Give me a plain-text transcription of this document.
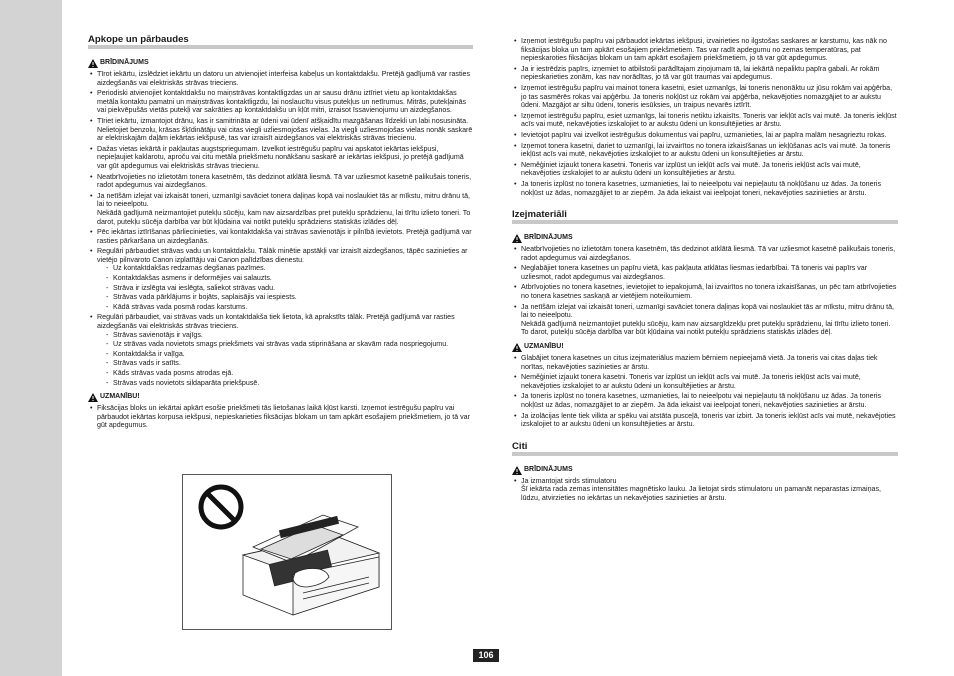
Apkope un pārbaudes
BRĪDINĀJUMS
• Tīrot iekārtu, izslēdziet iekārtu un datoru un atvienojiet interfeisa kabeļus un kontaktdakšu. Pretējā gadījumā var rasties aizdegšanās vai elektriskās strāvas trieciens.
• Periodiski atvienojiet kontaktdakšu no maiņstrāvas kontaktligzdas un ar sausu drānu iztīriet vietu ap kontaktdakšas metāla kontaktu pamatni un maiņstrāvas kontaktligzdu, lai noslaucītu visus putekļus un netīrumus. Mitrās, putekļainās vai piekvēpušās vietās putekļi var sakrāties ap kontaktdakšu un kļūt mitri, izraisot īssavienojumu un aizdegšanos.
• Tīriet iekārtu, izmantojot drānu, kas ir samitrināta ar ūdeni vai ūdenī atšķaidītu mazgāšanas līdzekli un labi nosusināta. Nelietojiet benzolu, krāsas šķīdinātāju vai citas viegli uzliesmojošas vielas. Ja viegli uzliesmojošas vielas nonāk saskarē ar elektriskajām daļām iekārtas iekšpusē, tas var izraisīt aizdegšanos vai elektriskās strāvas triecienu.
• Dažas vietas iekārtā ir pakļautas augstspriegumam. Izvelkot iestrēgušu papīru vai apskatot iekārtas iekšpusi, nepieļaujiet kaklarotu, aproču vai citu metāla priekšmetu nonākšanu saskarē ar iekārtas iekšpusi, jo pretējā gadījumā var gūt apdegumus vai elektriskās strāvas triecienu.
• Neatbrīvojieties no izlietotām tonera kasetnēm, tās dedzinot atklātā liesmā. Tā var uzliesmot kasetnē palikušais toneris, radot apdegumus vai aizdegšanos.
• Ja netīšām izlejat vai izkaisāt toneri, uzmanīgi savāciet tonera daļiņas kopā vai noslaukiet tās ar mīkstu, mitru drānu tā, lai to neieelpotu.
Nekādā gadījumā neizmantojiet putekļu sūcēju, kam nav aizsardzības pret putekļu sprādzienu, lai tīrītu izlieto toneri. To darot, putekļu sūcēja darbība var būt kļūdaina vai notikt putekļu sprādziens statiskās izlādes dēļ.
• Pēc iekārtas iztīrīšanas pārliecinieties, vai kontaktdakša vai strāvas savienotājs ir pilnībā ievietots. Pretējā gadījumā var rasties pārkaršana un aizdegšanās.
• Regulāri pārbaudiet strāvas vadu un kontaktdakšu. Tālāk minētie apstākļi var izraisīt aizdegšanos, tāpēc sazinieties ar vietējo pilnvaroto Canon izplatītāju vai Canon palīdzības dienestu.
- Uz kontaktdakšas redzamas degšanas pazīmes.
- Kontaktdakšas asmens ir deformējies vai salauzts.
- Strāva ir izslēgta vai ieslēgta, saliekot strāvas vadu.
- Strāvas vada pārklājums ir bojāts, saplaisājis vai iespiests.
- Kādā strāvas vada posmā rodas karstums.
• Regulāri pārbaudiet, vai strāvas vads un kontaktdakša tiek lietota, kā aprakstīts tālāk. Pretējā gadījumā var rasties aizdegšanās vai elektriskās strāvas trieciens.
- Strāvas savienotājs ir vajīgs.
- Uz strāvas vada novietots smags priekšmets vai strāvas vada stiprināšana ar skavām rada nospriegojumu.
- Kontaktdakša ir vaļīga.
- Strāvas vads ir satīts.
- Kāds strāvas vada posms atrodas ejā.
- Strāvas vads novietots sildaparāta priekšpusē.
UZMANĪBU!
• Fiksācijas bloks un iekārtai apkārt esošie priekšmeti tās lietošanas laikā kļūst karsti. Izņemot iestrēgušu papīru vai pārbaudot iekārtas korpusa iekšpusi, nepieskarieties fiksācijas blokam un tam apkārt esošajiem priekšmetiem, jo tā var gūt apdegumus.
• Izņemot iestrēgušu papīru vai pārbaudot iekārtas iekšpusi, izvairieties no ilgstošas saskares ar karstumu, kas nāk no fiksācijas bloka un tam apkārt esošajiem priekšmetiem. Tas var radīt apdegumu no zemas temperatūras, pat nepieskaroties fiksācijas blokam un tam apkārt esošajiem priekšmetiem, jo tā var gūt apdegumus.
• Ja ir iestrēdzis papīrs, izņemiet to atbilstoši parādītajam ziņojumam tā, lai iekārtā nepaliktu papīra gabali. Ar rokām nepieskarieties zonām, kas nav norādītas, jo tā var gūt traumas vai apdegumus.
• Izņemot iestrēgušu papīru vai mainot tonera kasetni, esiet uzmanīgs, lai toneris nenonāktu uz jūsu rokām vai apģērba, jo tas sasmērēs rokas vai apģērbu. Ja toneris nokļūst uz rokām vai apģērba, nekavējoties nomazgājiet to ar aukstu ūdeni. Mazgājot ar siltu ūdeni, toneris iesūksies, un traipus nevarēs iztīrīt.
• Izņemot iestrēgušu papīru, esiet uzmanīgs, lai toneris netiktu izkaisīts. Toneris var iekļūt acīs vai mutē. Ja toneris iekļūst acīs vai mutē, nekavējoties izskalojiet to ar aukstu ūdeni un konsultējieties ar ārstu.
• Ievietojot papīru vai izvelkot iestrēgušus dokumentus vai papīru, uzmanieties, lai ar papīra malām nesagrieztu rokas.
• Izņemot tonera kasetni, dariet to uzmanīgi, lai izvairītos no tonera izkaisīšanas un iekļūšanas acīs vai mutē. Ja toneris iekļūst acīs vai mutē, nekavējoties izskalojiet to ar aukstu ūdeni un konsultējieties ar ārstu.
• Neměģiniet izjaukt tonera kasetni. Toneris var izplūst un iekļūt acīs vai mutē. Ja toneris iekļūst acīs vai mutē, nekavējoties izskalojiet to ar aukstu ūdeni un konsultējieties ar ārstu.
• Ja toneris izplūst no tonera kasetnes, uzmanieties, lai to neieelpotu vai nepieļautu tā nokļūšanu uz ādas. Ja toneris nokļūst uz ādas, nomazgājiet to ar ziepēm. Ja āda iekaist vai ieelpojat toneri, nekavējoties sazinieties ar ārstu.
Izejmateriāli
BRĪDINĀJUMS
• Neatbrīvojieties no izlietotām tonera kasetnēm, tās dedzinot atklātā liesmā. Tā var uzliesmot kasetnē palikušais toneris, radot apdegumus vai aizdegšanos.
• Neglabājiet tonera kasetnes un papīru vietā, kas pakļauta atklātas liesmas iedarbībai. Tā toneris vai papīrs var uzliesmot, radot apdegumus vai aizdegšanos.
• Atbrīvojoties no tonera kasetnes, ievietojiet to iepakojumā, lai izvairītos no tonera izkaisīšanas, un pēc tam atbrīvojieties no tonera kasetnes saskaņā ar vietējiem noteikumiem.
• Ja netīšām izlejat vai izkaisāt toneri, uzmanīgi savāciet tonera daļiņas kopā vai noslaukiet tās ar mīkstu, mitru drānu tā, lai to neieelpotu.
Nekādā gadījumā neizmantojiet putekļu sūcēju, kam nav aizsargīdzekļu pret putekļu sprādzienu, lai tīrītu izlieto toneri. To darot, putekļu sūcēja darbība var būt kļūdaina vai notikt putekļu sprādziens statiskās izlādes dēļ.
UZMANĪBU!
• Glabājiet tonera kasetnes un citus izejmateriālus maziem bērniem nepieejamā vietā. Ja toneris vai citas daļas tiek norītas, nekavējoties sazinieties ar ārstu.
• Neměģiniet izjaukt tonera kasetni. Toneris var izplūst un iekļūt acīs vai mutē. Ja toneris iekļūst acīs vai mutē, nekavējoties izskalojiet to ar aukstu ūdeni un konsultējieties ar ārstu.
• Ja toneris izplūst no tonera kasetnes, uzmanieties, lai to neieelpotu vai nepieļautu tā nokļūšanu uz ādas. Ja toneris nokļūst uz ādas, nomazgājiet to ar ziepēm. Ja āda iekaist vai ieelpojat toneri, nekavējoties sazinieties ar ārstu.
• Ja izolācijas lente tiek vilkta ar spēku vai atstāta pusceļā, toneris var izbirt. Ja toneris iekļūst acīs vai mutē, nekavējoties izskalojiet to ar aukstu ūdeni un konsultējieties ar ārstu.
Citi
BRĪDINĀJUMS
• Ja izmantojat sirds stimulatoru
Šī iekārta rada zemas intensitātes magnētisko lauku. Ja lietojat sirds stimulatoru un pamanāt neparastas izmaiņas, lūdzu, atvirzieties no iekārtas un nekavējoties sazinieties ar ārstu.
106
